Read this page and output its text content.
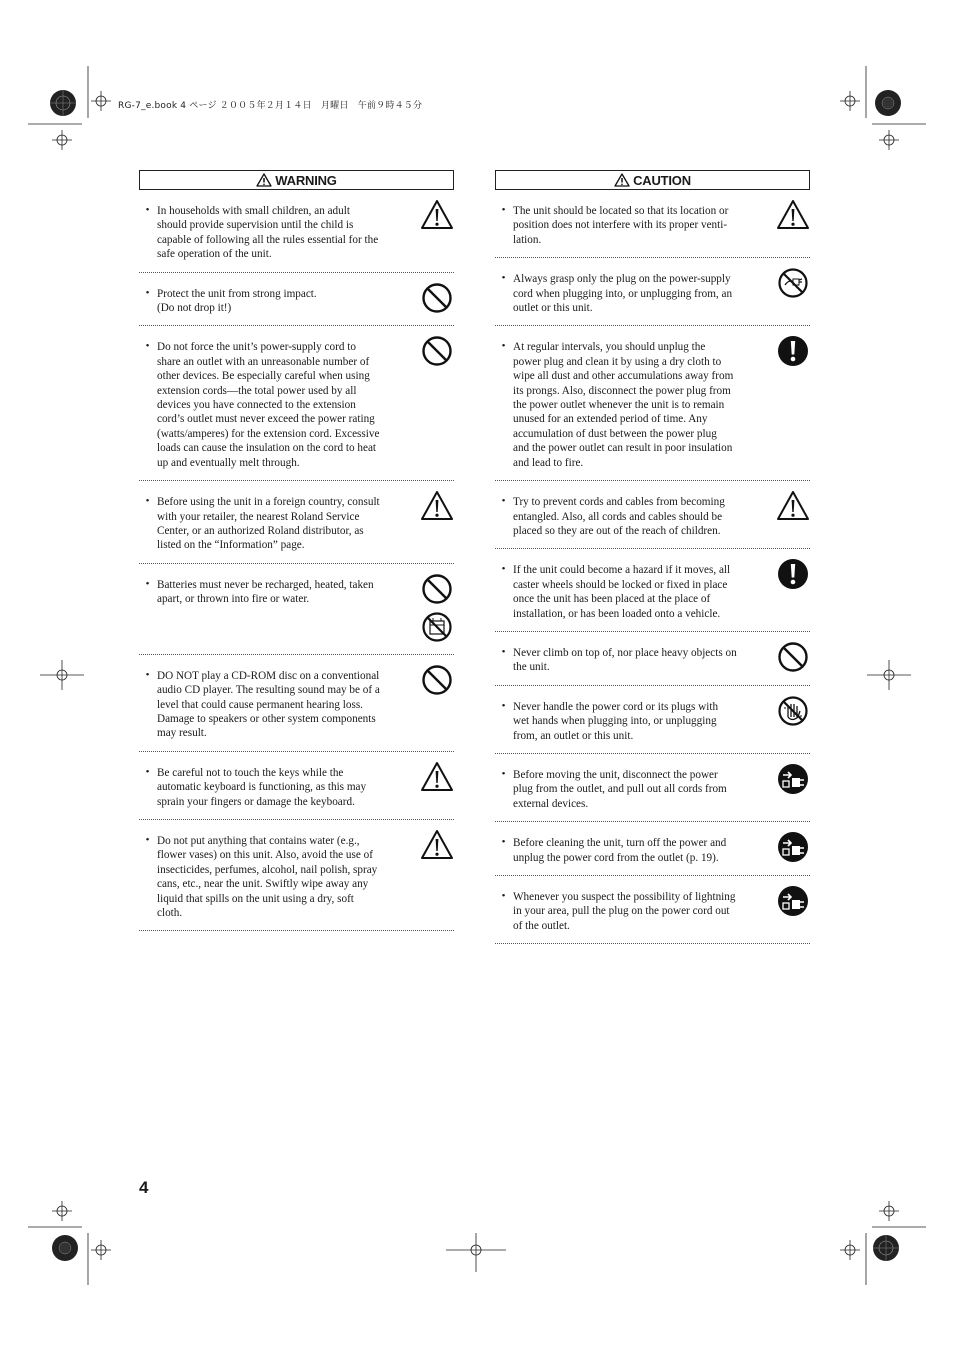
RG-7_e.book 4 ページ ２００５年２月１４日　月曜日　午前９時４５分
WARNING
• In households with small children, an adult
should provide supervision until the child is
capable of following all the rules essential for the
safe operation of the unit.
• Protect the unit from strong impact.
(Do not drop it!)
• Do not force the unit’s power-supply cord to
share an outlet with an unreasonable number of
other devices. Be especially careful when using
extension cords—the total power used by all
devices you have connected to the extension
cord’s outlet must never exceed the power rating
(watts/amperes) for the extension cord. Excessive
loads can cause the insulation on the cord to heat
up and eventually melt through.
• Before using the unit in a foreign country, consult
with your retailer, the nearest Roland Service
Center, or an authorized Roland distributor, as
listed on the “Information” page.
• Batteries must never be recharged, heated, taken
apart, or thrown into fire or water.
• DO NOT play a CD-ROM disc on a conventional
audio CD player. The resulting sound may be of a
level that could cause permanent hearing loss.
Damage to speakers or other system components
may result.
• Be careful not to touch the keys while the
automatic keyboard is functioning, as this may
sprain your fingers or damage the keyboard.
• Do not put anything that contains water (e.g.,
flower vases) on this unit. Also, avoid the use of
insecticides, perfumes, alcohol, nail polish, spray
cans, etc., near the unit. Swiftly wipe away any
liquid that spills on the unit using a dry, soft
cloth.
CAUTION
• The unit should be located so that its location or
position does not interfere with its proper venti-
lation.
• Always grasp only the plug on the power-supply
cord when plugging into, or unplugging from, an
outlet or this unit.
• At regular intervals, you should unplug the
power plug and clean it by using a dry cloth to
wipe all dust and other accumulations away from
its prongs. Also, disconnect the power plug from
the power outlet whenever the unit is to remain
unused for an extended period of time. Any
accumulation of dust between the power plug
and the power outlet can result in poor insulation
and lead to fire.
• Try to prevent cords and cables from becoming
entangled. Also, all cords and cables should be
placed so they are out of the reach of children.
• If the unit could become a hazard if it moves, all
caster wheels should be locked or fixed in place
once the unit has been placed at the place of
installation, or has been loaded onto a vehicle.
• Never climb on top of, nor place heavy objects on
the unit.
• Never handle the power cord or its plugs with
wet hands when plugging into, or unplugging
from, an outlet or this unit.
• Before moving the unit, disconnect the power
plug from the outlet, and pull out all cords from
external devices.
• Before cleaning the unit, turn off the power and
unplug the power cord from the outlet (p. 19).
• Whenever you suspect the possibility of lightning
in your area, pull the plug on the power cord out
of the outlet.
4
